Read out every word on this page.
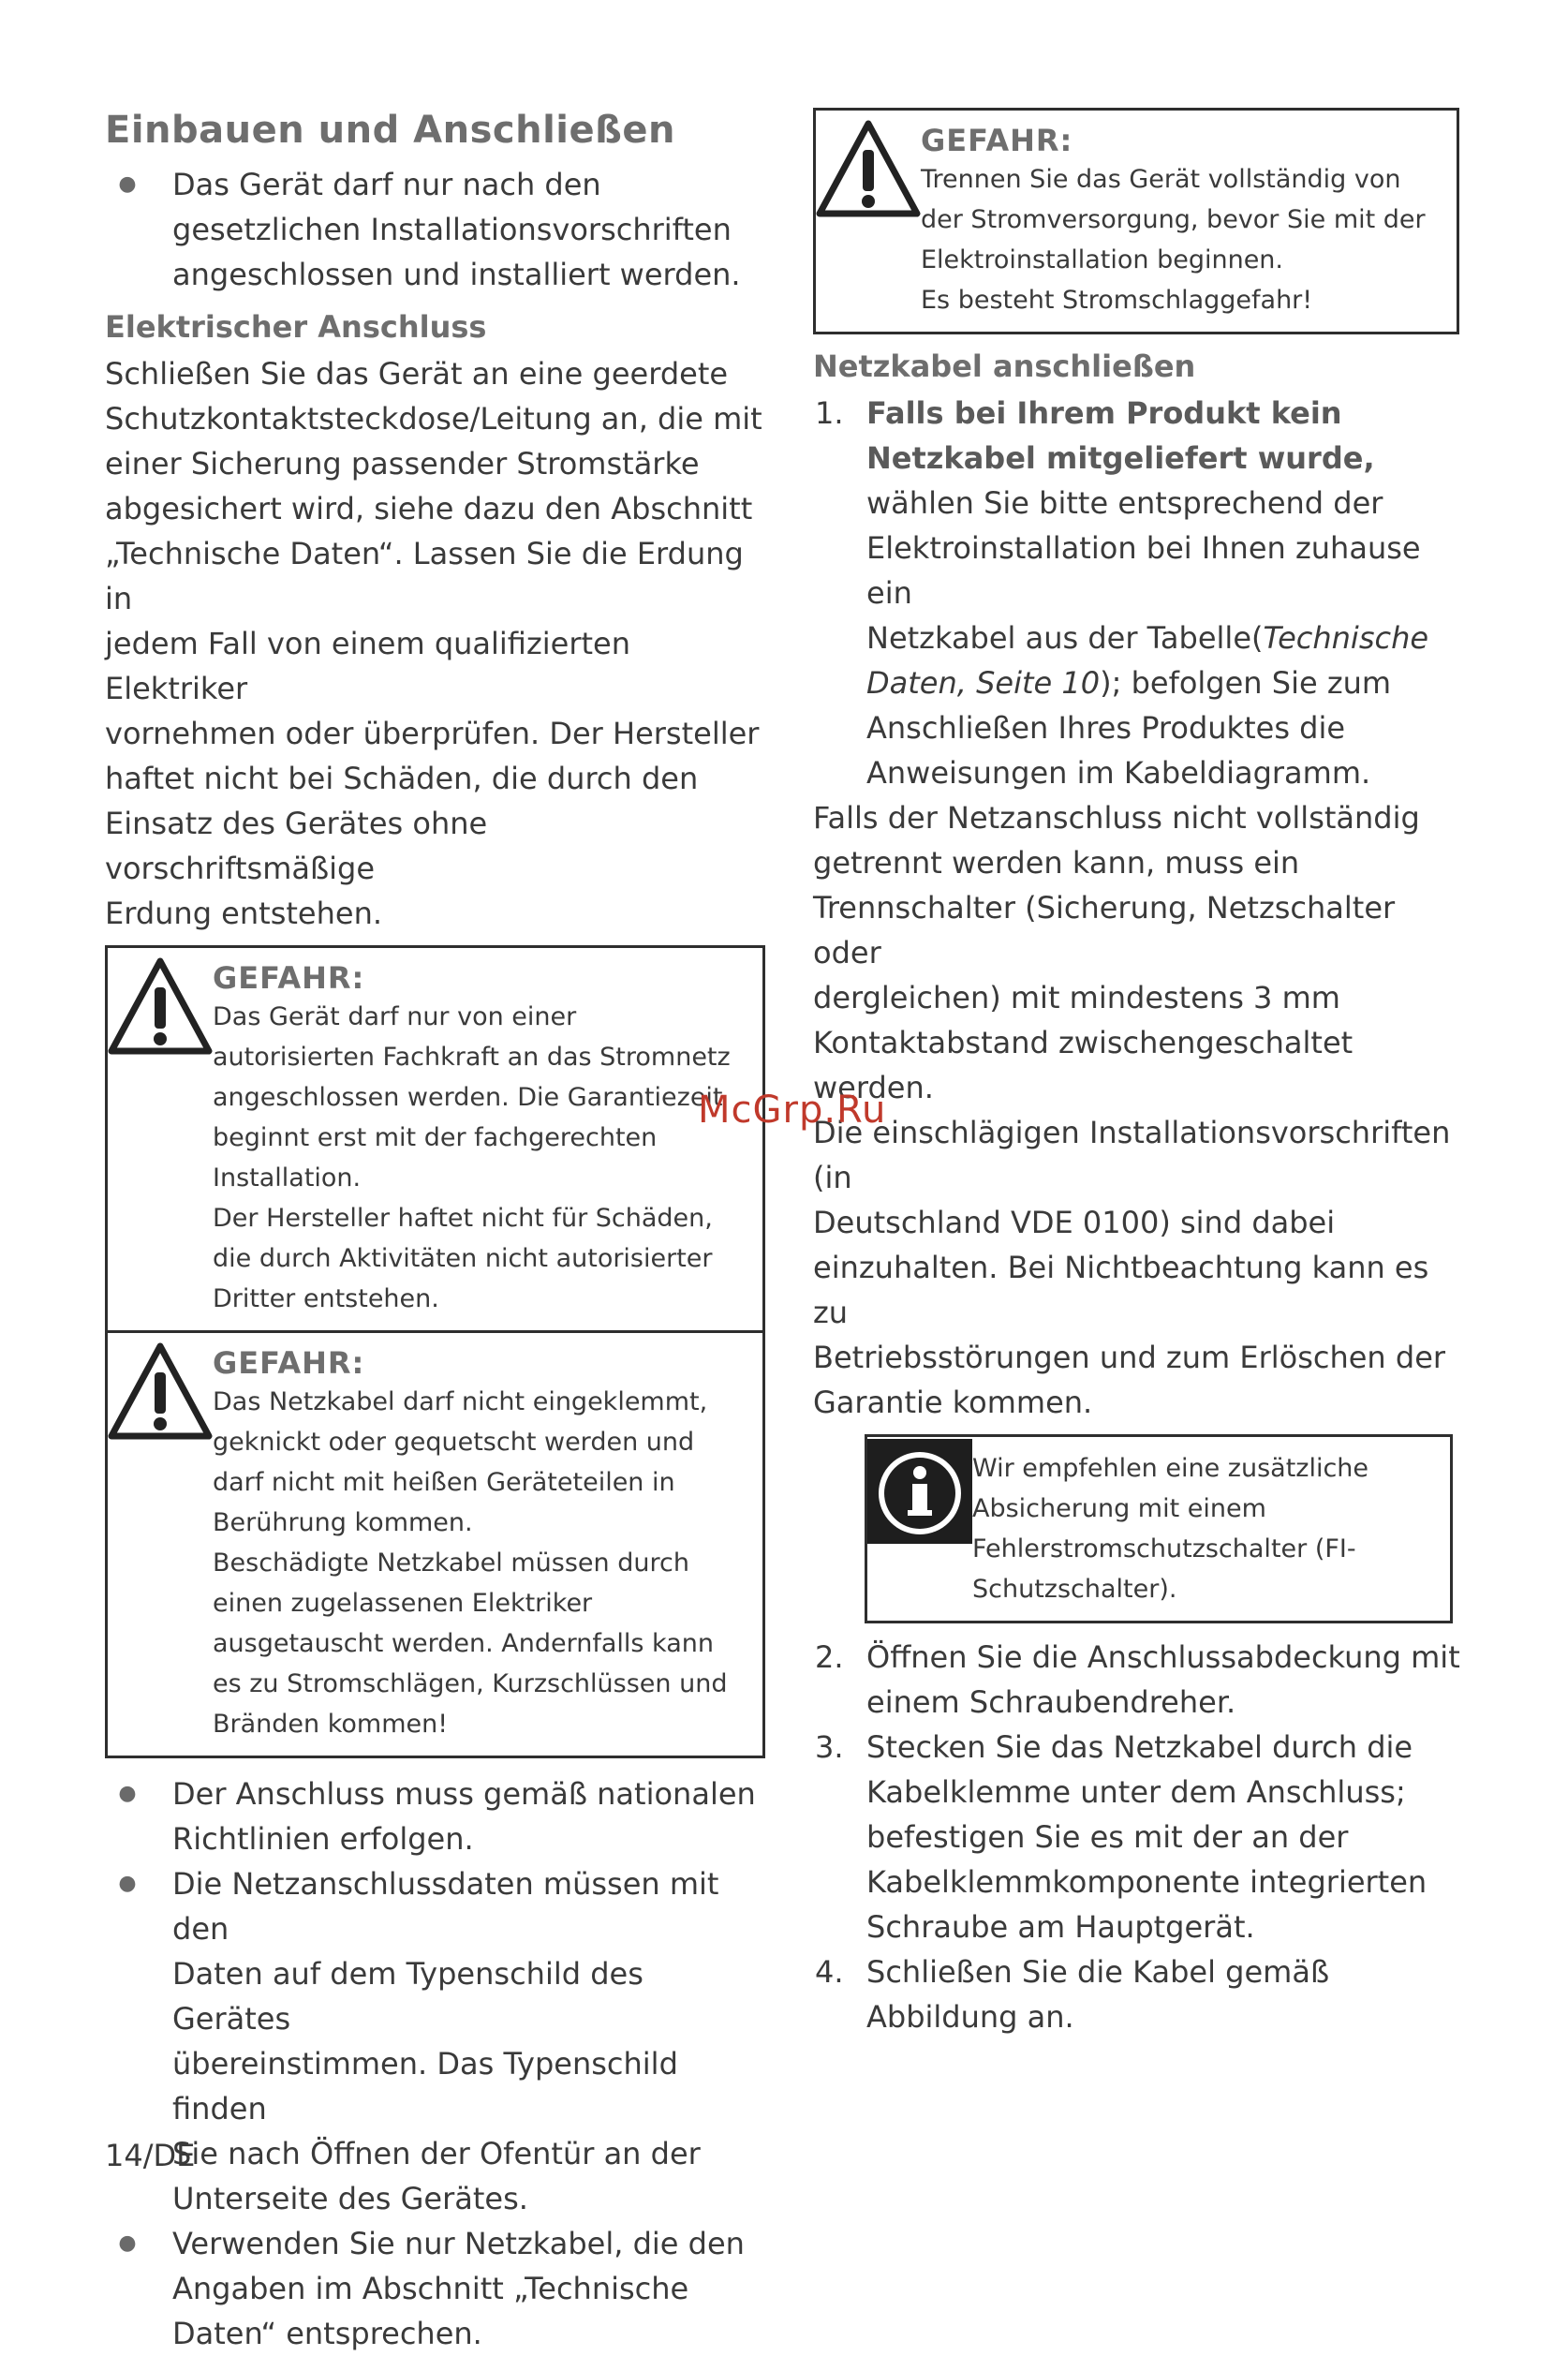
Einbauen und Anschließen
● Das Gerät darf nur nach den
gesetzlichen Installationsvorschriften
angeschlossen und installiert werden.
Elektrischer Anschluss

Schließen Sie das Gerät an eine geerdete
Schutzkontaktsteckdose/Leitung an, die mit
einer Sicherung passender Stromstärke
abgesichert wird, siehe dazu den Abschnitt
„Technische Daten“. Lassen Sie die Erdung in
jedem Fall von einem qualifizierten Elektriker
vornehmen oder überprüfen. Der Hersteller
haftet nicht bei Schäden, die durch den
Einsatz des Gerätes ohne vorschriftsmäßige
Erdung entstehen.

GEFAHR:
Das Gerät darf nur von einer
autorisierten Fachkraft an das Stromnetz
angeschlossen werden. Die Garantiezeit
beginnt erst mit der fachgerechten
Installation.
Der Hersteller haftet nicht für Schäden,
die durch Aktivitäten nicht autorisierter
Dritter entstehen.
GEFAHR:
Das Netzkabel darf nicht eingeklemmt,
geknickt oder gequetscht werden und
darf nicht mit heißen Geräteteilen in
Berührung kommen.
Beschädigte Netzkabel müssen durch
einen zugelassenen Elektriker
ausgetauscht werden. Andernfalls kann
es zu Stromschlägen, Kurzschlüssen und
Bränden kommen!
● Der Anschluss muss gemäß nationalen
Richtlinien erfolgen.
● Die Netzanschlussdaten müssen mit den
Daten auf dem Typenschild des Gerätes
übereinstimmen. Das Typenschild finden
Sie nach Öffnen der Ofentür an der
Unterseite des Gerätes.
● Verwenden Sie nur Netzkabel, die den
Angaben im Abschnitt „Technische
Daten“ entsprechen.
GEFAHR:
Trennen Sie das Gerät vollständig von
der Stromversorgung, bevor Sie mit der
Elektroinstallation beginnen.
Es besteht Stromschlaggefahr!
Netzkabel anschließen
1. Falls bei Ihrem Produkt kein
Netzkabel mitgeliefert wurde,
wählen Sie bitte entsprechend der
Elektroinstallation bei Ihnen zuhause ein
Netzkabel aus der Tabelle(Technische
Daten, Seite 10); befolgen Sie zum
Anschließen Ihres Produktes die
Anweisungen im Kabeldiagramm.

Falls der Netzanschluss nicht vollständig
getrennt werden kann, muss ein
Trennschalter (Sicherung, Netzschalter oder
dergleichen) mit mindestens 3 mm
Kontaktabstand zwischengeschaltet werden.
Die einschlägigen Installationsvorschriften (in
Deutschland VDE 0100) sind dabei
einzuhalten. Bei Nichtbeachtung kann es zu
Betriebsstörungen und zum Erlöschen der
Garantie kommen.

Wir empfehlen eine zusätzliche
Absicherung mit einem
Fehlerstromschutzschalter (FI-
Schutzschalter).
2. Öffnen Sie die Anschlussabdeckung mit
einem Schraubendreher.
3. Stecken Sie das Netzkabel durch die
Kabelklemme unter dem Anschluss;
befestigen Sie es mit der an der
Kabelklemmkomponente integrierten
Schraube am Hauptgerät.
4. Schließen Sie die Kabel gemäß
Abbildung an.
McGrp.Ru
14/DE
